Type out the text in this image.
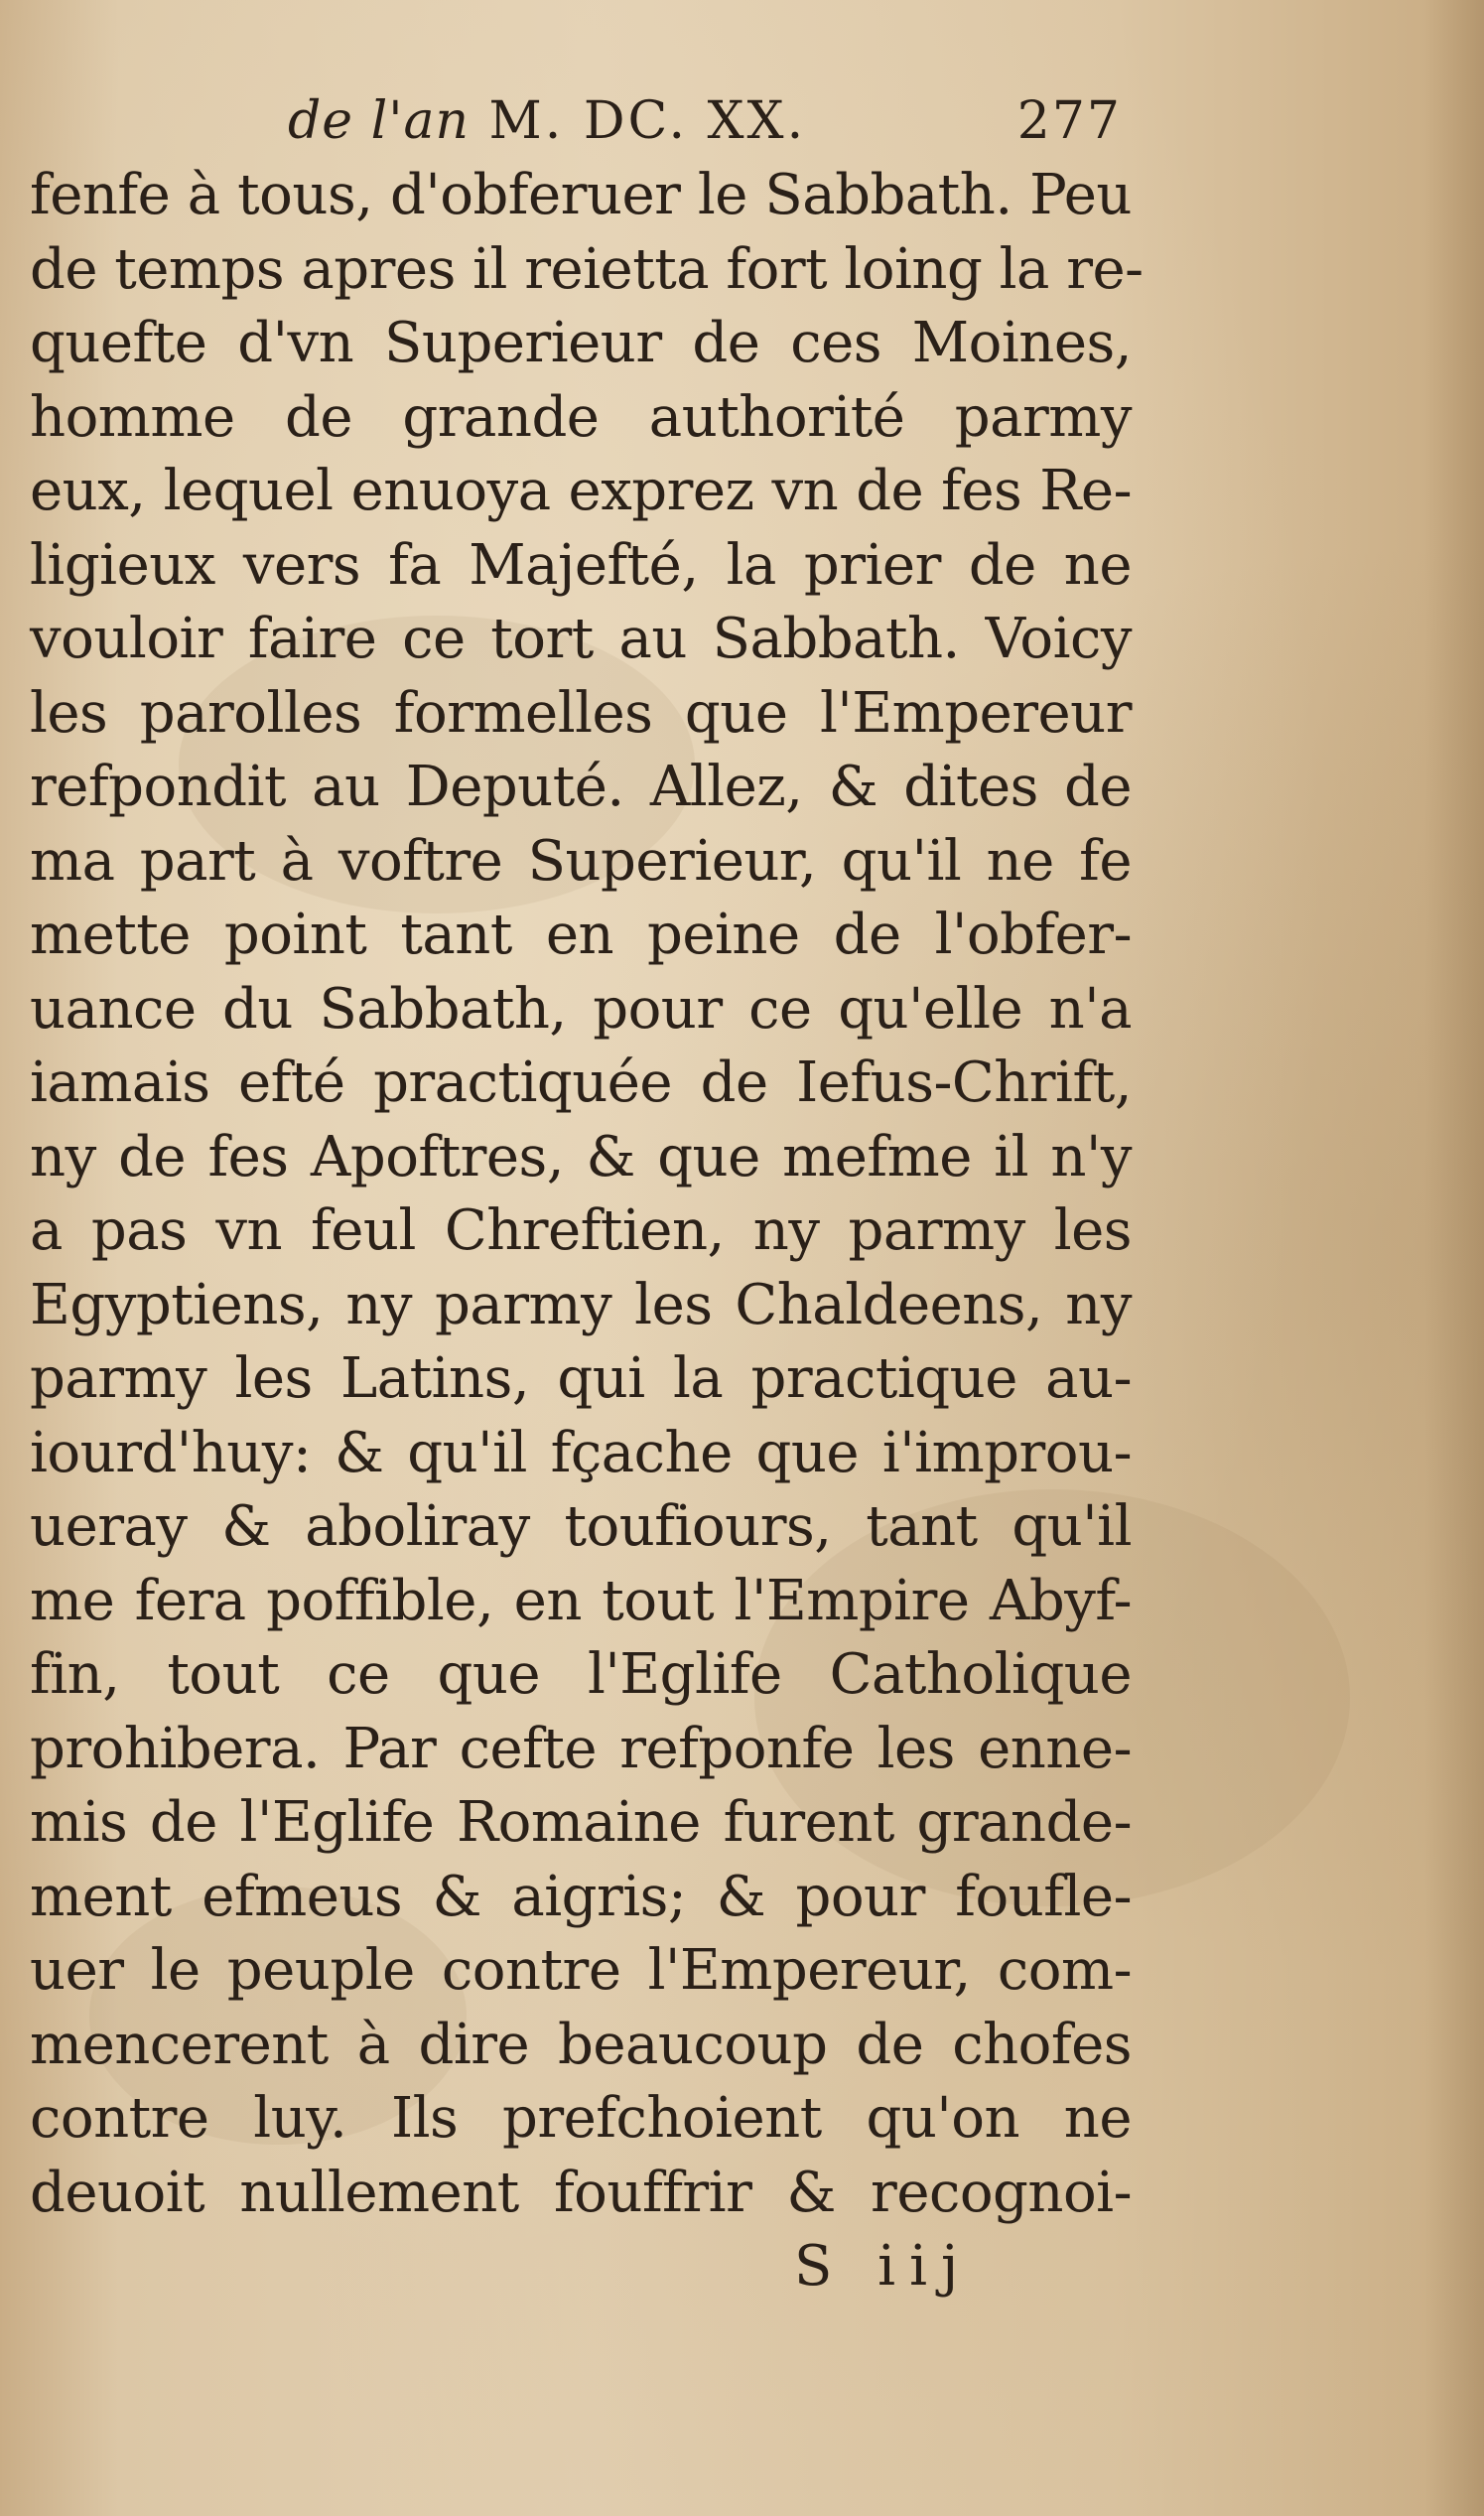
de l'an M. DC. XX.	277
fenfe à tous, d'obferuer le Sabbath. Peu
de temps apres il reietta fort loing la re-
quefte d'vn Superieur de ces Moines,
homme de grande authorité parmy
eux, lequel enuoya exprez vn de fes Re-
ligieux vers fa Majefté, la prier de ne
vouloir faire ce tort au Sabbath. Voicy
les parolles formelles que l'Empereur
refpondit au Deputé. Allez, & dites de
ma part à voftre Superieur, qu'il ne fe
mette point tant en peine de l'obfer-
uance du Sabbath, pour ce qu'elle n'a
iamais efté practiquée de Iefus-Chrift,
ny de fes Apoftres, & que mefme il n'y
a pas vn feul Chreftien, ny parmy les
Egyptiens, ny parmy les Chaldeens, ny
parmy les Latins, qui la practique au-
iourd'huy: & qu'il fçache que i'improu-
ueray & aboliray toufiours, tant qu'il
me fera poffible, en tout l'Empire Abyf-
fin, tout ce que l'Eglife Catholique
prohibera. Par cefte refponfe les enne-
mis de l'Eglife Romaine furent grande-
ment efmeus & aigris; & pour foufle-
uer le peuple contre l'Empereur, com-
mencerent à dire beaucoup de chofes
contre luy. Ils prefchoient qu'on ne
deuoit nullement fouffrir & recognoi-
S iij
